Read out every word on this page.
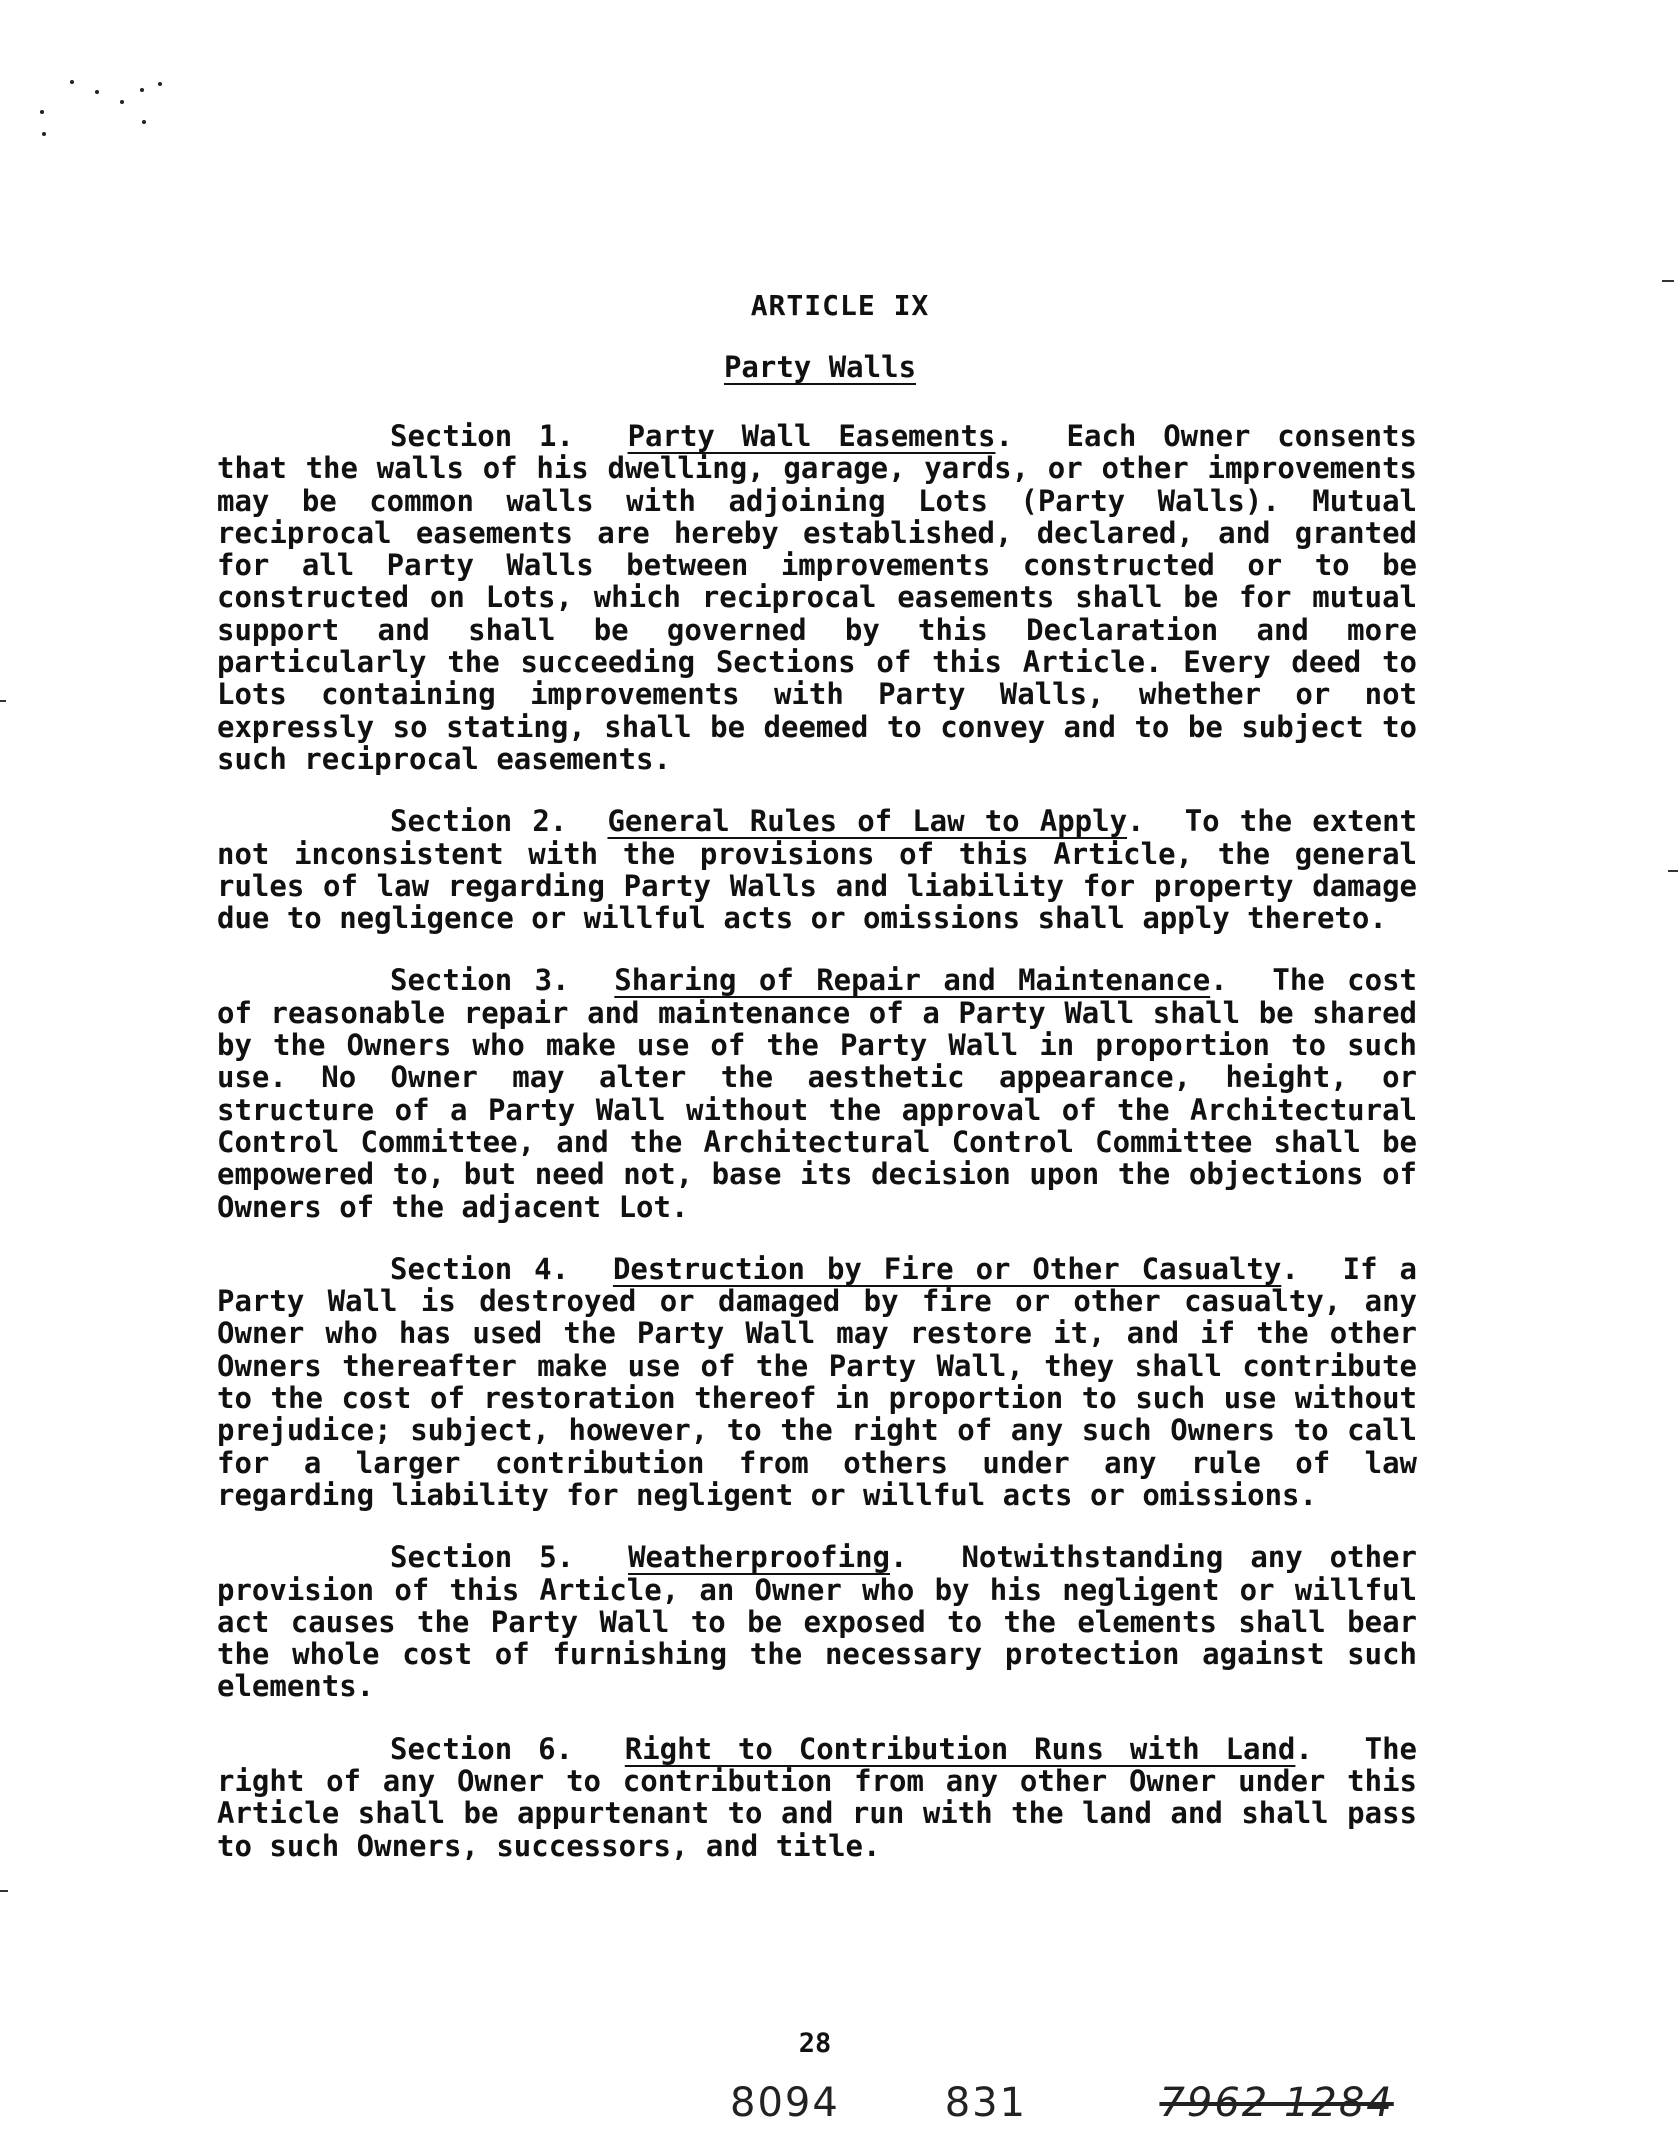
ARTICLE IX
Party Walls

Section 1. Party Wall Easements.  Each Owner consents that the walls of his dwelling, garage, yards, or other improvements may be common walls with adjoining Lots (Party Walls). Mutual reciprocal easements are hereby established, declared, and granted for all Party Walls between improvements constructed or to be constructed on Lots, which reciprocal easements shall be for mutual support and shall be governed by this Declaration and more particularly the succeeding Sections of this Article. Every deed to Lots containing improvements with Party Walls, whether or not expressly so stating, shall be deemed to convey and to be subject to such reciprocal easements.

Section 2. General Rules of Law to Apply.  To the extent not inconsistent with the provisions of this Article, the general rules of law regarding Party Walls and liability for property damage due to negligence or willful acts or omissions shall apply thereto.

Section 3. Sharing of Repair and Maintenance.  The cost of reasonable repair and maintenance of a Party Wall shall be shared by the Owners who make use of the Party Wall in proportion to such use. No Owner may alter the aesthetic appearance, height, or structure of a Party Wall without the approval of the Architectural Control Committee, and the Architectural Control Committee shall be empowered to, but need not, base its decision upon the objections of Owners of the adjacent Lot.

Section 4. Destruction by Fire or Other Casualty.  If a Party Wall is destroyed or damaged by fire or other casualty, any Owner who has used the Party Wall may restore it, and if the other Owners thereafter make use of the Party Wall, they shall contribute to the cost of restoration thereof in proportion to such use without prejudice; subject, however, to the right of any such Owners to call for a larger contribution from others under any rule of law regarding liability for negligent or willful acts or omissions.

Section 5. Weatherproofing.  Notwithstanding any other provision of this Article, an Owner who by his negligent or willful act causes the Party Wall to be exposed to the elements shall bear the whole cost of furnishing the necessary protection against such elements.

Section 6. Right to Contribution Runs with Land.  The right of any Owner to contribution from any other Owner under this Article shall be appurtenant to and run with the land and shall pass to such Owners, successors, and title.

28
8094	831	7962 1284
